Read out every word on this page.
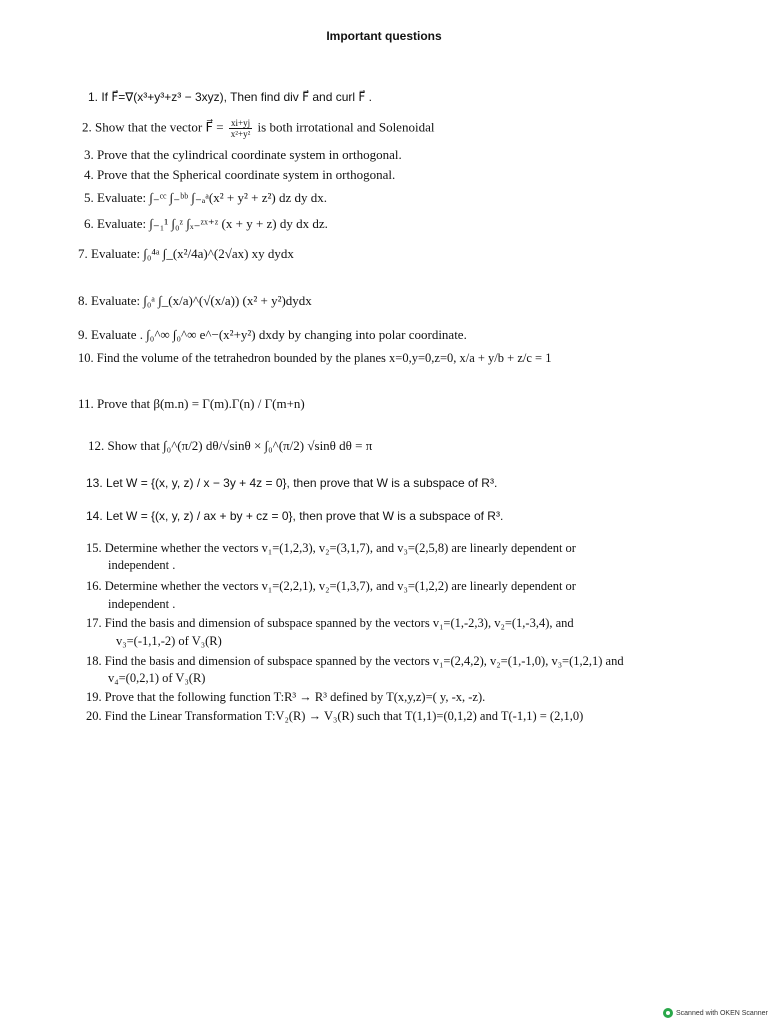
Important questions
1. If F⃗=∇(x³+y³+z³ − 3xyz), Then find div F⃗ and curl F⃗ .
2. Show that the vector F⃗ = $\frac{xi+yj}{\text{x²+y²}}$ is both irrotational and Solenoidal
3. Prove that the cylindrical coordinate system in orthogonal.
4. Prove that the Spherical coordinate system in orthogonal.
5. Evaluate: ∫₋ᶜᶜ ∫₋ᵇᵇ ∫₋ₐᵃ(x² + y² + z²) dz dy dx.
6. Evaluate: ∫₋₁¹ ∫₀ᶻ ∫ₓ₋ᶻˣ⁺ᶻ (x + y + z) dy dx dz.
7. Evaluate: ∫₀⁴ᵃ ∫_(x²/4a)^(2√ax) xy dydx
8. Evaluate: ∫₀ᵃ ∫_(x/a)^(√(x/a)) (x² + y²)dydx
9. Evaluate . ∫₀^∞ ∫₀^∞ e^−(x²+y²) dxdy by changing into polar coordinate.
10. Find the volume of the tetrahedron bounded by the planes x=0,y=0,z=0, x/a + y/b + z/c = 1
11. Prove that β(m.n) = Γ(m).Γ(n) / Γ(m+n)
12. Show that ∫₀^(π/2) dθ/√sinθ × ∫₀^(π/2) √sinθ dθ = π
13. Let W = {(x, y, z) / x − 3y + 4z = 0}, then prove that W is a subspace of R³.
14. Let W = {(x, y, z) / ax + by + cz = 0}, then prove that W is a subspace of R³.
15. Determine whether the vectors v₁=(1,2,3), v₂=(3,1,7), and v₃=(2,5,8) are linearly dependent or
independent .
16. Determine whether the vectors v₁=(2,2,1), v₂=(1,3,7), and v₃=(1,2,2) are linearly dependent or
independent .
17. Find the basis and dimension of subspace spanned by the vectors v₁=(1,-2,3), v₂=(1,-3,4), and
v₃=(-1,1,-2) of V₃(R)
18. Find the basis and dimension of subspace spanned by the vectors v₁=(2,4,2), v₂=(1,-1,0), v₃=(1,2,1) and
v₄=(0,2,1) of V₃(R)
19. Prove that the following function T:R³ → R³ defined by T(x,y,z)=( y, -x, -z).
20. Find the Linear Transformation T:V₂(R) → V₃(R) such that T(1,1)=(0,1,2) and T(-1,1) = (2,1,0)
Scanned with OKEN Scanner
